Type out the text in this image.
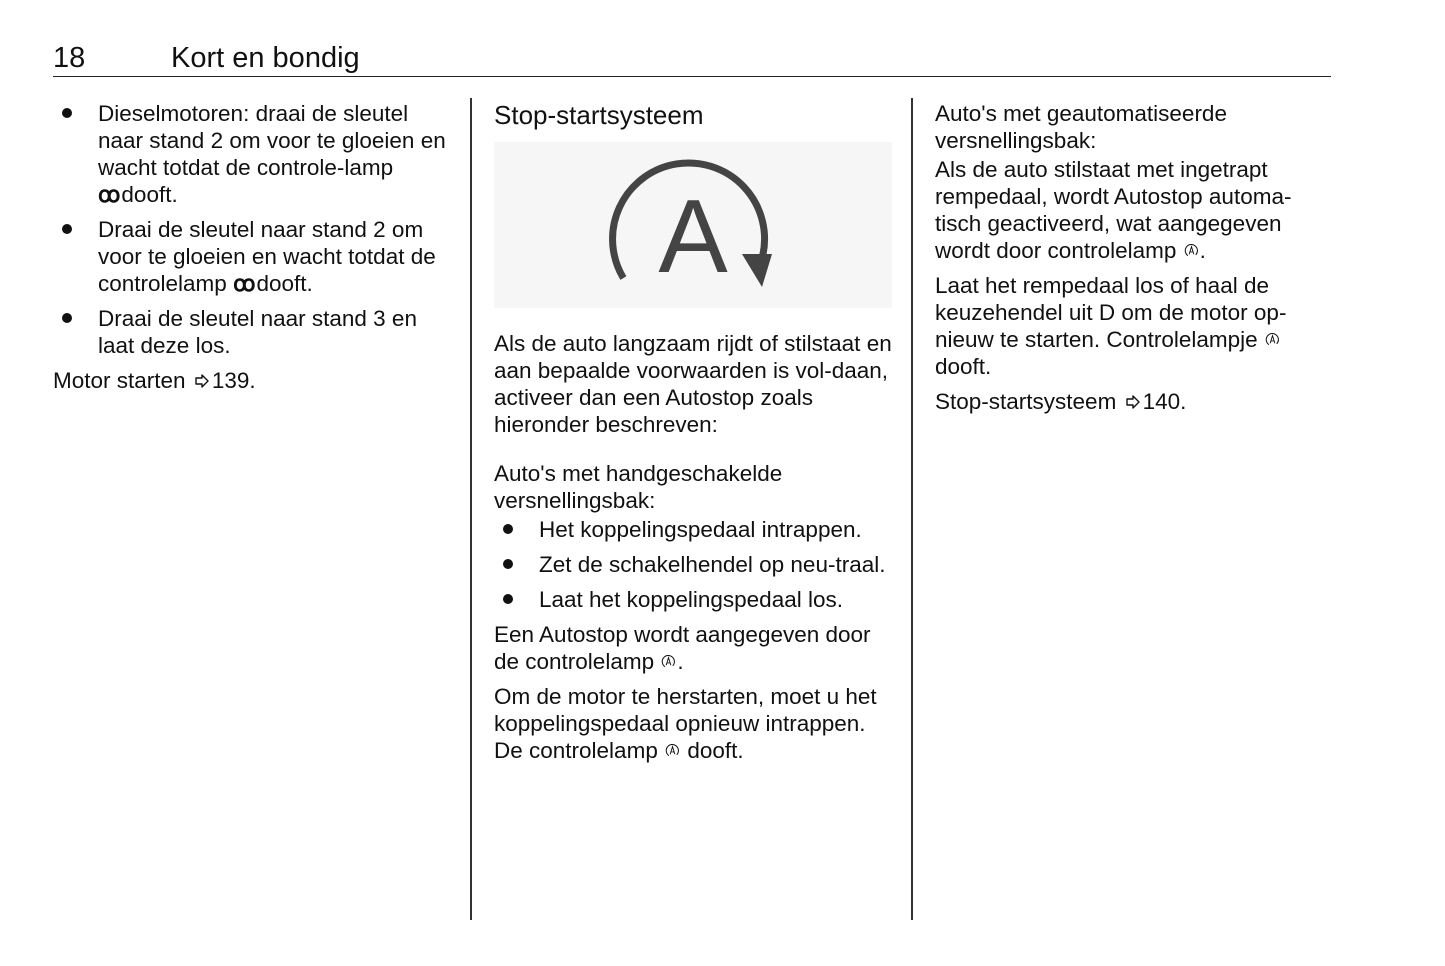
18	Kort en bondig
Dieselmotoren: draai de sleutel naar stand 2 om voor te gloeien en wacht totdat de controle-lamp ꝏ dooft.
Draai de sleutel naar stand 2 om voor te gloeien en wacht totdat de controlelamp ꝏ dooft.
Draai de sleutel naar stand 3 en laat deze los.

Motor starten 139.

Stop-startsysteem
A

Als de auto langzaam rijdt of stilstaat en aan bepaalde voorwaarden is vol-daan, activeer dan een Autostop zoals hieronder beschreven:

Auto's met handgeschakelde versnellingsbak:

Het koppelingspedaal intrappen.
Zet de schakelhendel op neu-traal.
Laat het koppelingspedaal los.

Een Autostop wordt aangegeven door de controlelamp .

Om de motor te herstarten, moet u het koppelingspedaal opnieuw intrappen. De controlelamp dooft.

Auto's met geautomatiseerde versnellingsbak:

Als de auto stilstaat met ingetrapt rempedaal, wordt Autostop automa-tisch geactiveerd, wat aangegeven wordt door controlelamp .

Laat het rempedaal los of haal de keuzehendel uit D om de motor op-nieuw te starten. Controlelampje  dooft.

Stop-startsysteem 140.
